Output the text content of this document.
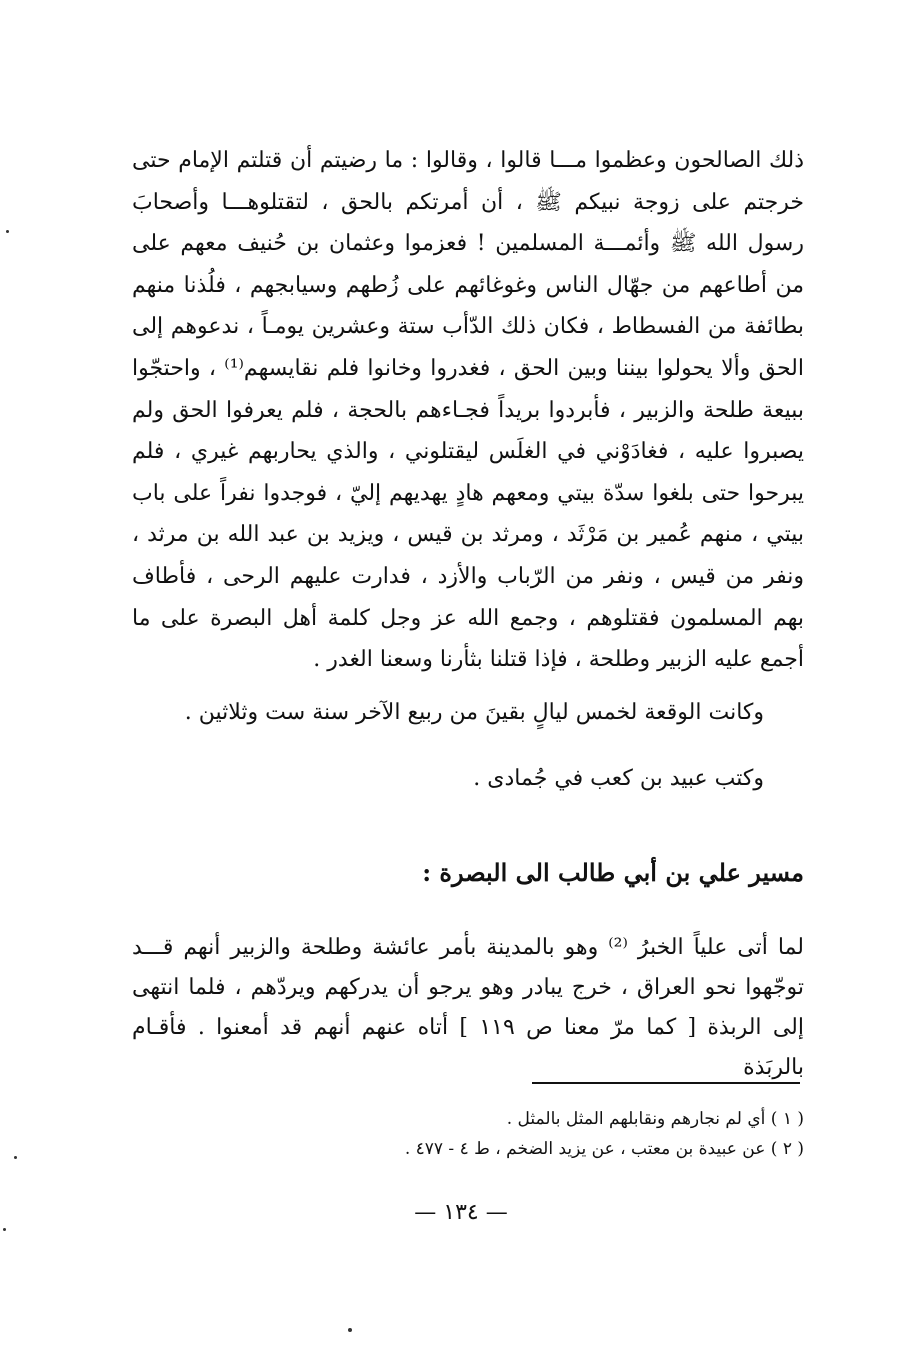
ذلك الصالحون وعظموا مـــا قالوا ، وقالوا : ما رضيتم أن قتلتم الإمام حتى خرجتم على زوجة نبيكم ﷺ ، أن أمرتكم بالحق ، لتقتلوهـــا وأصحابَ رسول الله ﷺ وأئمـــة المسلمين ! فعزموا وعثمان بن حُنيف معهم على من أطاعهم من جهّال الناس وغوغائهم على زُطهم وسيابجهم ، فلُذنا منهم بطائفة من الفسطاط ، فكان ذلك الدّأب ستة وعشرين يومـاً ، ندعوهم إلى الحق وألا يحولوا بيننا وبين الحق ، فغدروا وخانوا فلم نقايسهم⁽¹⁾ ، واحتجّوا ببيعة طلحة والزبير ، فأبردوا بريداً فجـاءهم بالحجة ، فلم يعرفوا الحق ولم يصبروا عليه ، فغادَوْني في الغلَس ليقتلوني ، والذي يحاربهم غيري ، فلم يبرحوا حتى بلغوا سدّة بيتي ومعهم هادٍ يهديهم إليّ ، فوجدوا نفراً على باب بيتي ، منهم عُمير بن مَرْثَد ، ومرثد بن قيس ، ويزيد بن عبد الله بن مرثد ، ونفر من قيس ، ونفر من الرّباب والأزد ، فدارت عليهم الرحى ، فأطاف بهم المسلمون فقتلوهم ، وجمع الله عز وجل كلمة أهل البصرة على ما أجمع عليه الزبير وطلحة ، فإذا قتلنا بثأرنا وسعنا الغدر .

وكانت الوقعة لخمس ليالٍ بقينَ من ربيع الآخر سنة ست وثلاثين .
وكتب عبيد بن كعب في جُمادى .
مسير علي بن أبي طالب الى البصرة :

لما أتى علياً الخبرُ ⁽²⁾ وهو بالمدينة بأمر عائشة وطلحة والزبير أنهم قـــد توجّهوا نحو العراق ، خرج يبادر وهو يرجو أن يدركهم ويردّهم ، فلما انتهى إلى الربذة [ كما مرّ معنا ص ١١٩ ] أتاه عنهم أنهم قد أمعنوا . فأقـام بالربَذة

( ١ ) أي لم نجارهم ونقابلهم المثل بالمثل .
( ٢ ) عن عبيدة بن معتب ، عن يزيد الضخم ، ط ٤ - ٤٧٧ .
— ١٣٤ —
